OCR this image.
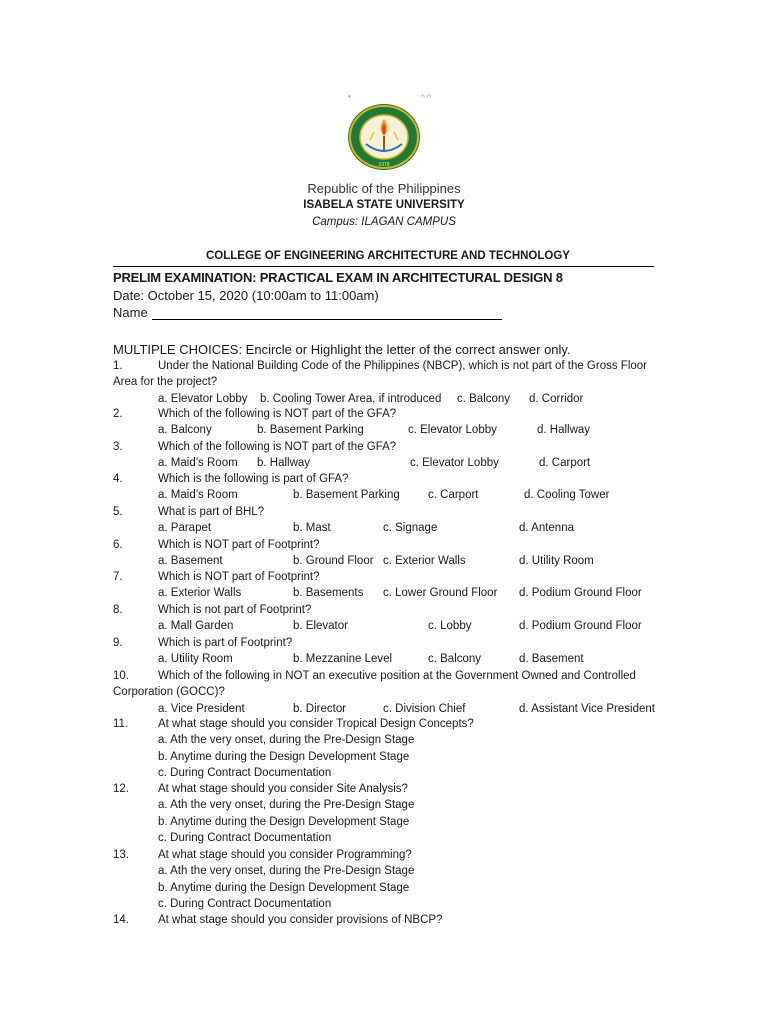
•                ᴖᴖ
1978
Republic of the Philippines
ISABELA STATE UNIVERSITY
Campus: ILAGAN CAMPUS
COLLEGE OF ENGINEERING ARCHITECTURE AND TECHNOLOGY
PRELIM EXAMINATION: PRACTICAL EXAM IN ARCHITECTURAL DESIGN 8
Date: October 15, 2020 (10:00am to 11:00am)
Name
MULTIPLE CHOICES: Encircle or Highlight the letter of the correct answer only.
1.	Under the National Building Code of the Philippines (NBCP), which is not part of the Gross Floor
Area for the project?
a. Elevator Lobby b. Cooling Tower Area, if introduced c. Balcony d. Corridor
2.	Which of the following is NOT part of the GFA?
a. Balcony	b. Basement Parking	c. Elevator Lobby	d. Hallway
3.	Which of the following is NOT part of the GFA?
a. Maid’s Room b. Hallway	c. Elevator Lobby	d. Carport
4.	Which is the following is part of GFA?
a. Maid’s Room	b. Basement Parking c. Carport	d. Cooling Tower
5.	What is part of BHL?
a. Parapet	b. Mast	c. Signage	d. Antenna
6.	Which is NOT part of Footprint?
a. Basement	b. Ground Floor c. Exterior Walls	d. Utility Room
7.	Which is NOT part of Footprint?
a. Exterior Walls	b. Basements c. Lower Ground Floor d. Podium Ground Floor
8.	Which is not part of Footprint?
a. Mall Garden	b. Elevator	c. Lobby	d. Podium Ground Floor
9.	Which is part of Footprint?
a. Utility Room	b. Mezzanine Level	c. Balcony	d. Basement
10.	Which of the following in NOT an executive position at the Government Owned and Controlled
Corporation (GOCC)?
a. Vice President	b. Director	c. Division Chief	d. Assistant Vice President
11.	At what stage should you consider Tropical Design Concepts?
a. Ath the very onset, during the Pre-Design Stage
b. Anytime during the Design Development Stage
c. During Contract Documentation
12.	At what stage should you consider Site Analysis?
a. Ath the very onset, during the Pre-Design Stage
b. Anytime during the Design Development Stage
c. During Contract Documentation
13.	At what stage should you consider Programming?
a. Ath the very onset, during the Pre-Design Stage
b. Anytime during the Design Development Stage
c. During Contract Documentation
14.	At what stage should you consider provisions of NBCP?
